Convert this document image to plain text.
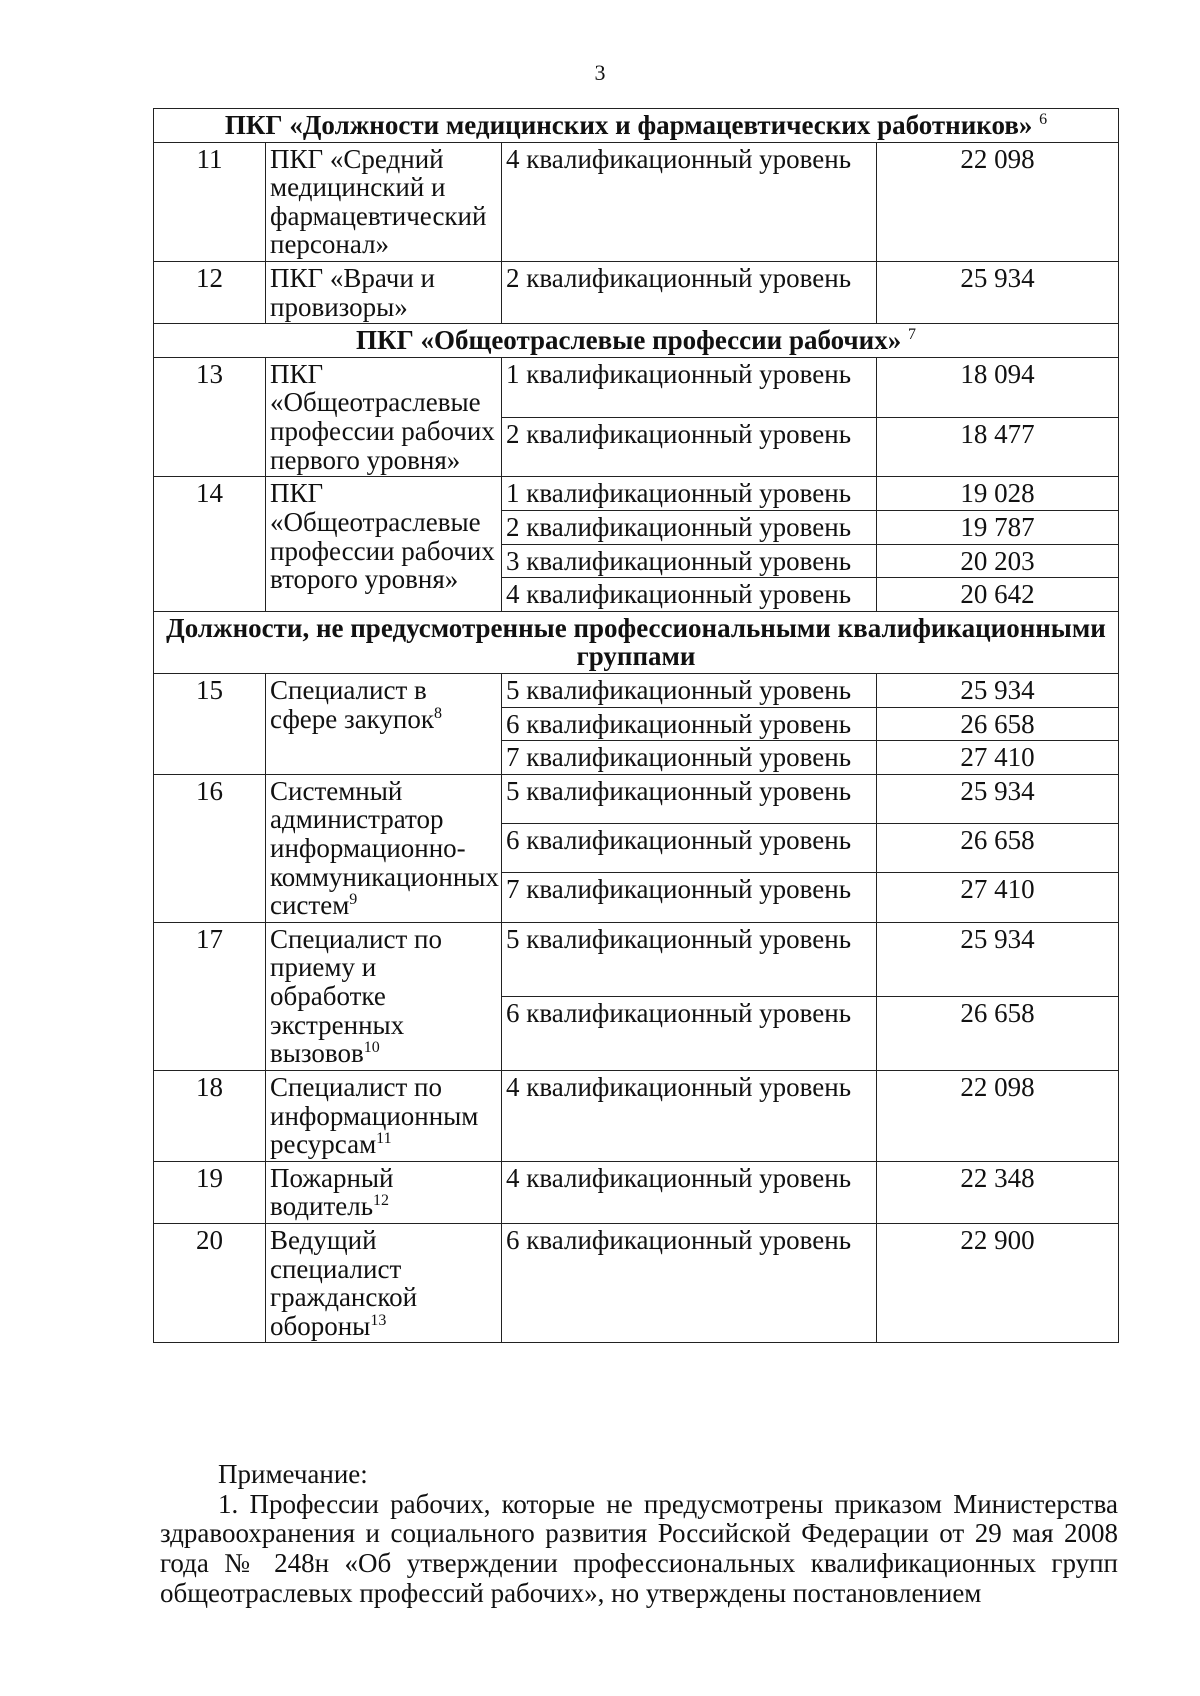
3
ПКГ «Должности медицинских и фармацевтических работников» $^6$
11	ПКГ «Средний медицинский и фармацевтический персонал»	4 квалификационный уровень	22 098
12	ПКГ «Врачи и провизоры»	2 квалификационный уровень	25 934
ПКГ «Общеотраслевые профессии рабочих» $^7$
13	ПКГ «Общеотраслевые профессии рабочих первого уровня»	1 квалификационный уровень	18 094
		2 квалификационный уровень	18 477
14	ПКГ «Общеотраслевые профессии рабочих второго уровня»	1 квалификационный уровень	19 028
		2 квалификационный уровень	19 787
		3 квалификационный уровень	20 203
		4 квалификационный уровень	20 642
Должности, не предусмотренные профессиональными квалификационными группами			
15	Специалист в сфере закупок$^8$	5 квалификационный уровень	25 934
		6 квалификационный уровень	26 658
		7 квалификационный уровень	27 410
16	Системный администратор информационно-коммуникационных систем$^9$	5 квалификационный уровень	25 934
		6 квалификационный уровень	26 658
		7 квалификационный уровень	27 410
17	Специалист по приему и обработке экстренных вызовов$^{10}$	5 квалификационный уровень	25 934
		6 квалификационный уровень	26 658
18	Специалист по информационным ресурсам$^{11}$	4 квалификационный уровень	22 098
19	Пожарный водитель$^{12}$	4 квалификационный уровень	22 348
20	Ведущий специалист гражданской обороны$^{13}$	6 квалификационный уровень	22 900
Примечание:

1. Профессии рабочих, которые не предусмотрены приказом Министерства здравоохранения и социального развития Российской Федерации от 29 мая 2008 года № 248н «Об утверждении профессиональных квалификационных групп общеотраслевых профессий рабочих», но утверждены постановлением
